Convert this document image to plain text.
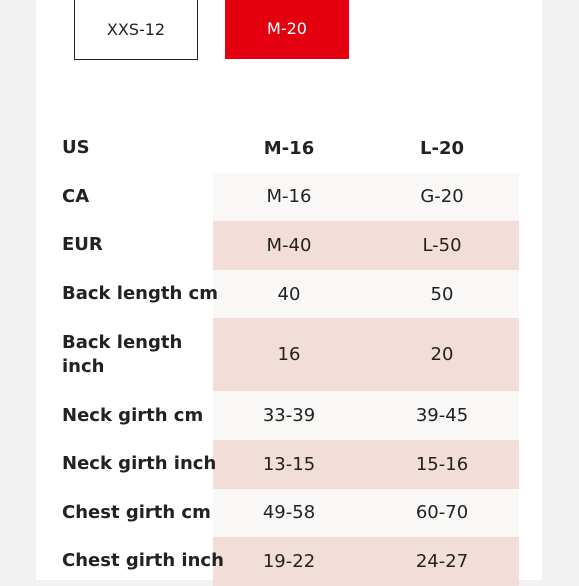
XXS-12	M-20
US	M-16	L-20
CA	M-16	G-20
EUR	M-40	L-50
Back length cm	40	50
Back length inch	16	20
Neck girth cm	33-39	39-45
Neck girth inch	13-15	15-16
Chest girth cm	49-58	60-70
Chest girth inch	19-22	24-27
